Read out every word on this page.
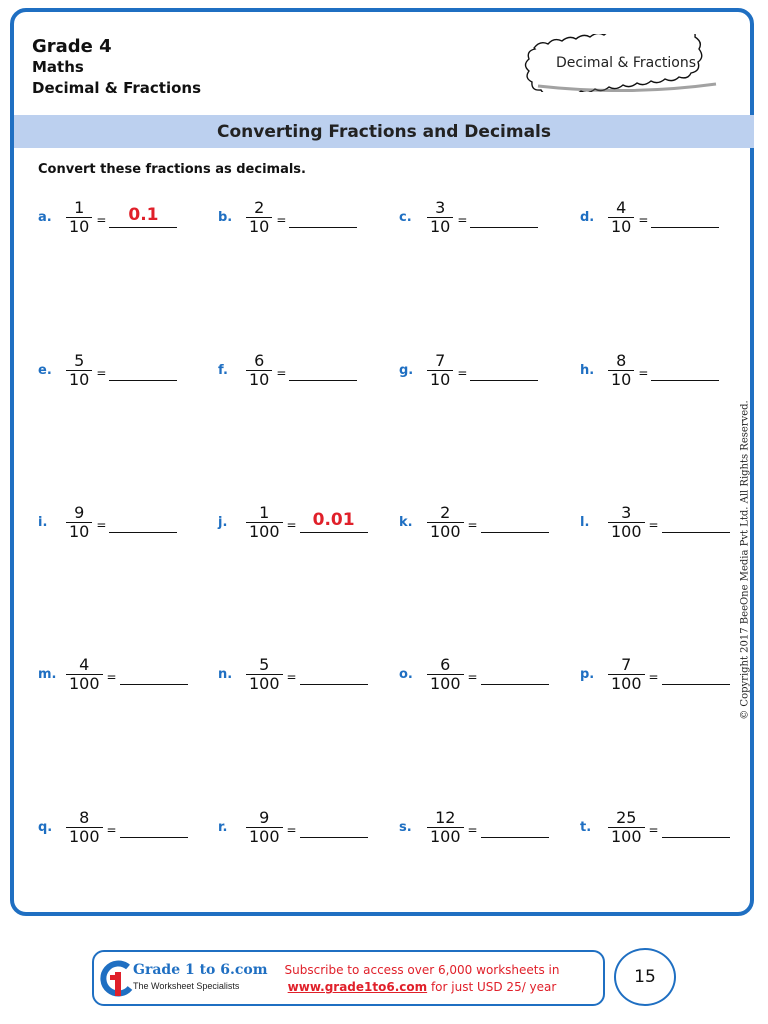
Grade 4
Maths
Decimal & Fractions
Decimal & Fractions
Converting Fractions and Decimals
Convert these fractions as decimals.
a. $\frac{1}{10}$ =	0.1	b. $\frac{2}{10}$ =	c. $\frac{3}{10}$ =	d. $\frac{4}{10}$ =
e. $\frac{5}{10}$ =	f.	$\frac{6}{10}$ =	g. $\frac{7}{10}$ =	h. $\frac{8}{10}$ =
i.	$\frac{9}{10}$ =	j.	$\frac{1}{100} = 0.01$	k. $\frac{2}{100}$ =	l.	$\frac{3}{100}$ =
m. $\frac{4}{100}$ =	n. $\frac{5}{100}$ =	o. $\frac{6}{100}$ =	p. $\frac{7}{100}$ =
q. $\frac{8}{100}$ =	r.	$\frac{9}{100}$ =	s. $\frac{12}{100}$ =	t.	$\frac{25}{100}$ =
© Copyright 2017 BeeOne Media Pvt Ltd. All Rights Reserved.
Grade 1 to 6.com
The Worksheet Specialists
Subscribe to access over 6,000 worksheets in
www.grade1to6.com for just USD 25/ year	15
